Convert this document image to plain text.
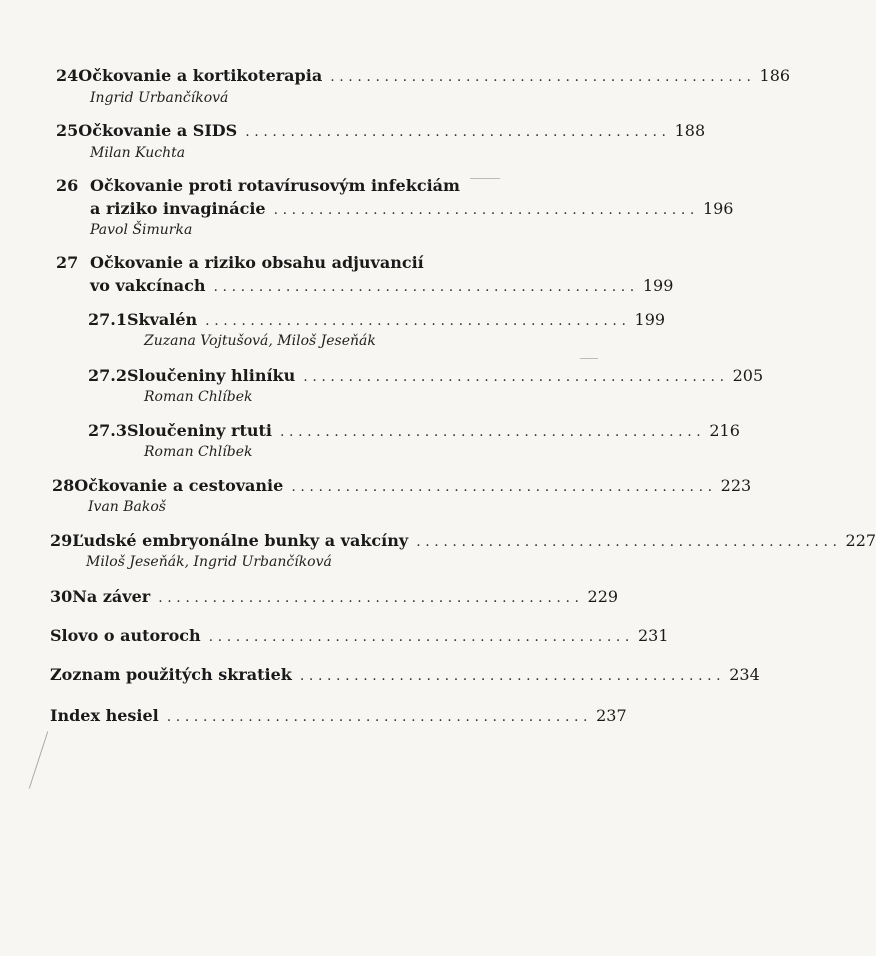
24 Očkovanie a kortikoterapia ............................................... 186
Ingrid Urbančíková
25 Očkovanie a SIDS ............................................... 188
Milan Kuchta
26 Očkovanie proti rotavírusovým infekciám
a riziko invaginácie ............................................... 196
Pavol Šimurka
27 Očkovanie a riziko obsahu adjuvancií
vo vakcínach ............................................... 199
27.1 Skvalén ............................................... 199
Zuzana Vojtušová, Miloš Jeseňák
27.2 Sloučeniny hliníku ............................................... 205
Roman Chlíbek
27.3 Sloučeniny rtuti ............................................... 216
Roman Chlíbek
28 Očkovanie a cestovanie ............................................... 223
Ivan Bakoš
29 Ľudské embryonálne bunky a vakcíny ............................................... 227
Miloš Jeseňák, Ingrid Urbančíková
30 Na záver ............................................... 229
Slovo o autoroch ............................................... 231
Zoznam použitých skratiek ............................................... 234
Index hesiel ............................................... 237
